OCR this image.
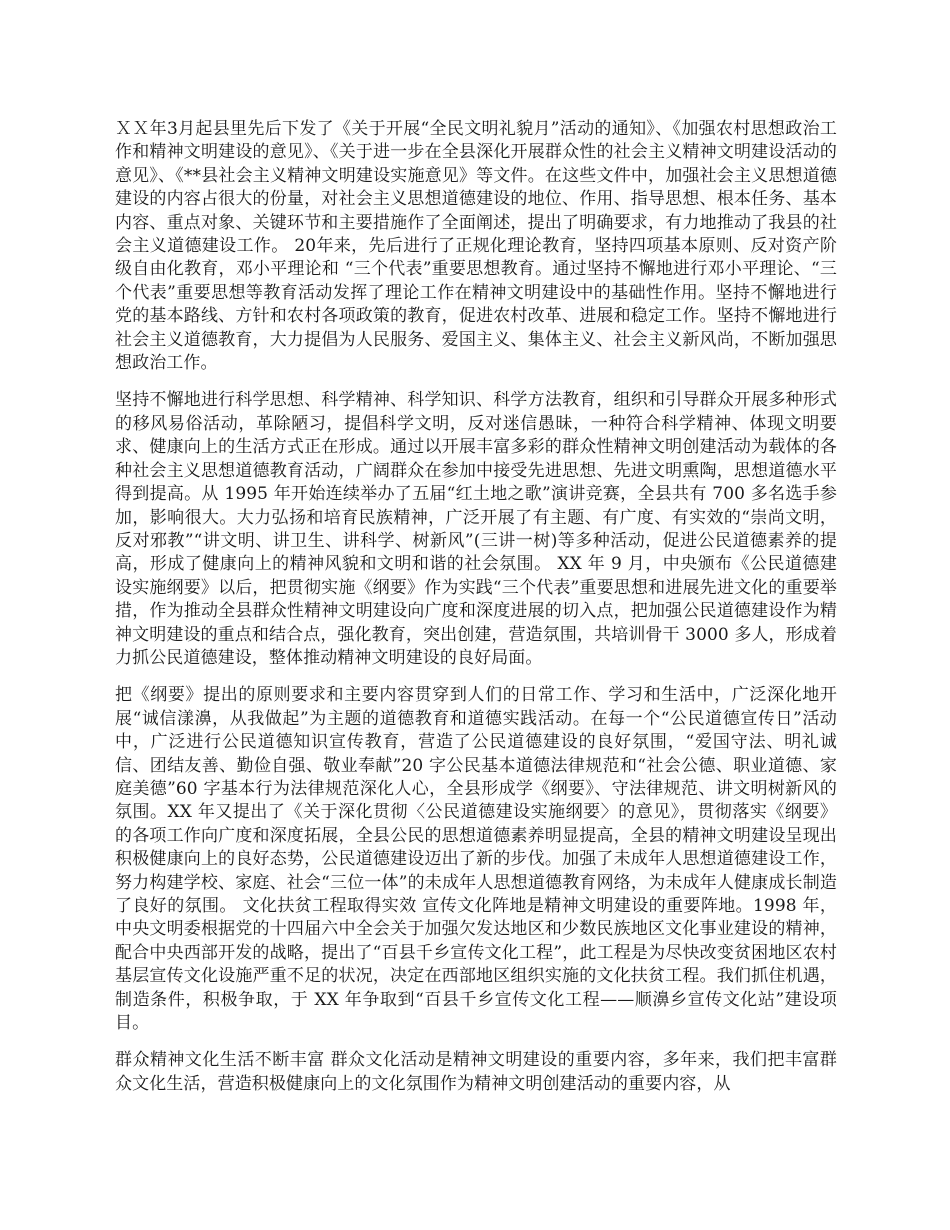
ＸＸ年3月起县里先后下发了《关于开展“全民文明礼貌月”活动的通知》、《加强农村思想政治工作和精神文明建设的意见》、《关于进一步在全县深化开展群众性的社会主义精神文明建设活动的意见》、《**县社会主义精神文明建设实施意见》等文件。在这些文件中，加强社会主义思想道德建设的内容占很大的份量，对社会主义思想道德建设的地位、作用、指导思想、根本任务、基本内容、重点对象、关键环节和主要措施作了全面阐述，提出了明确要求，有力地推动了我县的社会主义道德建设工作。 20年来，先后进行了正规化理论教育，坚持四项基本原则、反对资产阶级自由化教育，邓小平理论和 “三个代表”重要思想教育。通过坚持不懈地进行邓小平理论、“三个代表”重要思想等教育活动发挥了理论工作在精神文明建设中的基础性作用。坚持不懈地进行党的基本路线、方针和农村各项政策的教育，促进农村改革、进展和稳定工作。坚持不懈地进行社会主义道德教育，大力提倡为人民服务、爱国主义、集体主义、社会主义新风尚，不断加强思想政治工作。

坚持不懈地进行科学思想、科学精神、科学知识、科学方法教育，组织和引导群众开展多种形式的移风易俗活动，革除陋习，提倡科学文明，反对迷信愚昧，一种符合科学精神、体现文明要求、健康向上的生活方式正在形成。通过以开展丰富多彩的群众性精神文明创建活动为载体的各种社会主义思想道德教育活动，广阔群众在参加中接受先进思想、先进文明熏陶，思想道德水平得到提高。从 1995 年开始连续举办了五届“红土地之歌”演讲竞赛，全县共有 700 多名选手参加，影响很大。大力弘扬和培育民族精神，广泛开展了有主题、有广度、有实效的“崇尚文明，反对邪教”“讲文明、讲卫生、讲科学、树新风”(三讲一树)等多种活动，促进公民道德素养的提高，形成了健康向上的精神风貌和文明和谐的社会氛围。 XX 年 9 月，中央颁布《公民道德建设实施纲要》以后，把贯彻实施《纲要》作为实践“三个代表”重要思想和进展先进文化的重要举措，作为推动全县群众性精神文明建设向广度和深度进展的切入点，把加强公民道德建设作为精神文明建设的重点和结合点，强化教育，突出创建，营造氛围，共培训骨干 3000 多人，形成着力抓公民道德建设，整体推动精神文明建设的良好局面。

把《纲要》提出的原则要求和主要内容贯穿到人们的日常工作、学习和生活中，广泛深化地开展“诚信漾濞，从我做起”为主题的道德教育和道德实践活动。在每一个“公民道德宣传日”活动中，广泛进行公民道德知识宣传教育，营造了公民道德建设的良好氛围，“爱国守法、明礼诚信、团结友善、勤俭自强、敬业奉献”20 字公民基本道德法律规范和“社会公德、职业道德、家庭美德”60 字基本行为法律规范深化人心，全县形成学《纲要》、守法律规范、讲文明树新风的氛围。XX 年又提出了《关于深化贯彻〈公民道德建设实施纲要〉的意见》，贯彻落实《纲要》的各项工作向广度和深度拓展，全县公民的思想道德素养明显提高，全县的精神文明建设呈现出积极健康向上的良好态势，公民道德建设迈出了新的步伐。加强了未成年人思想道德建设工作，努力构建学校、家庭、社会“三位一体”的未成年人思想道德教育网络，为未成年人健康成长制造了良好的氛围。 文化扶贫工程取得实效 宣传文化阵地是精神文明建设的重要阵地。1998 年，中央文明委根据党的十四届六中全会关于加强欠发达地区和少数民族地区文化事业建设的精神，配合中央西部开发的战略，提出了“百县千乡宣传文化工程”，此工程是为尽快改变贫困地区农村基层宣传文化设施严重不足的状况，决定在西部地区组织实施的文化扶贫工程。我们抓住机遇，制造条件，积极争取，于 XX 年争取到“百县千乡宣传文化工程——顺濞乡宣传文化站”建设项目。

群众精神文化生活不断丰富 群众文化活动是精神文明建设的重要内容，多年来，我们把丰富群众文化生活，营造积极健康向上的文化氛围作为精神文明创建活动的重要内容，从
